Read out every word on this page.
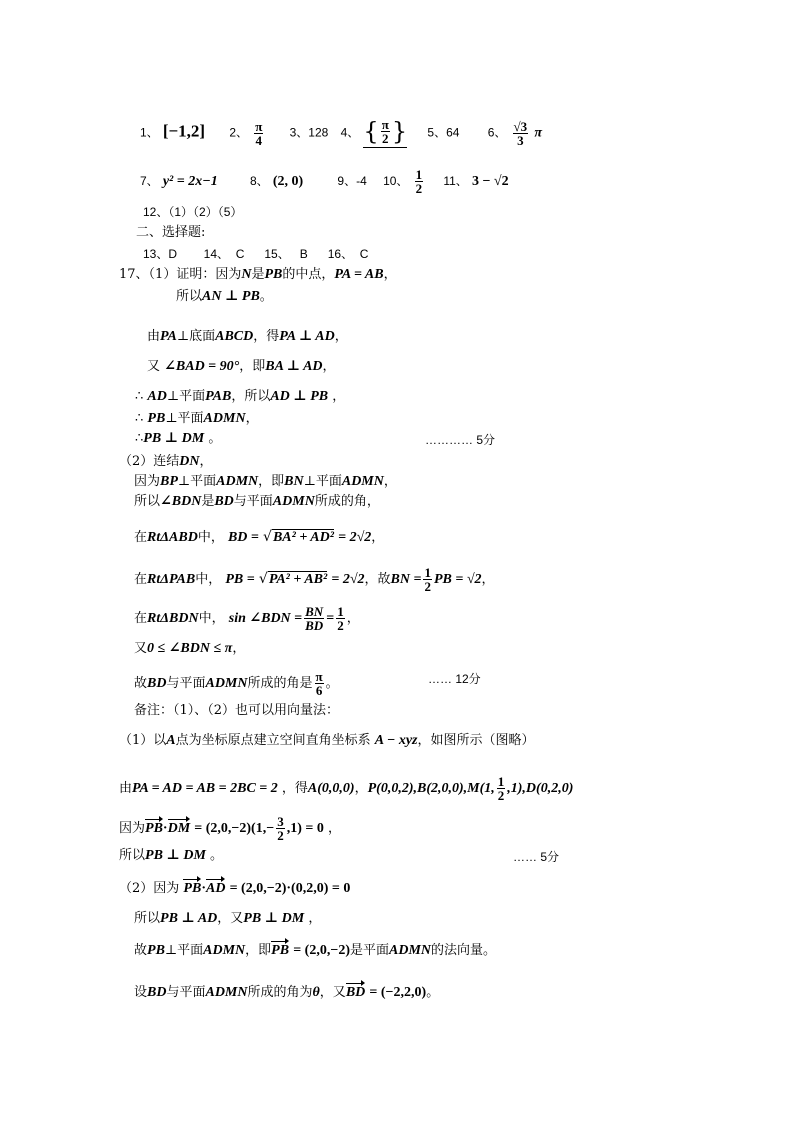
1、 [−1,2] 2、 $\frac{\pi}{4} 3$、128 4、 { $\frac{\pi}{2}$ } 5、64 6、 $\frac{√3}{3}$ π
7、 y² = 2x−1	8、 (2, 0)	9、-4 10、 $\frac{1}{2} 11$、 3 − √2
12、（1）（2）（5）
二、选择题:
13、D        14、  C      15、   B      16、  C
17、（1）证明：因为N是PB的中点，PA = AB，
所以AN ⊥ PB。
由PA⊥底面ABCD，得PA ⊥ AD，
又 ∠BAD = 90°，即BA ⊥ AD，
∴ AD⊥平面PAB，所以AD ⊥ PB ，
∴ PB⊥平面ADMN，
∴PB ⊥ DM 。	………… 5分
（2）连结DN，
因为BP⊥平面ADMN，即BN⊥平面ADMN，
所以∠BDN是BD与平面ADMN所成的角，
在RtΔABD中， BD = √BA² + AD² = 2√2，
在RtΔPAB中， PB = √PA² + AB² = 2√2，故BN = $\frac{1}{2}$ PB = √2，
在RtΔBDN中， sin ∠BDN = $\frac{BN}{BD} = \frac{1}{2}$ ，
又0 ≤ ∠BDN ≤ π，
故BD与平面ADMN所成的角是 $\frac{\pi}{6}$ 。	…… 12分
备注：（1）、（2）也可以用向量法：
（1）以A点为坐标原点建立空间直角坐标系 A − xyz，如图所示（图略）
由PA = AD = AB = 2BC = 2 ，得A(0,0,0)，P(0,0,2),B(2,0,0),M(1, $\frac{1}{2} ,1),D(0,2,0)$
因为$PB\cdot DM = (2,0,-2)(1,- \frac{3}{2} ,1) = 0$ ，
所以PB ⊥ DM 。	…… 5分
（2）因为 PB·AD = (2,0,−2)·(0,2,0) = 0
所以PB ⊥ AD，又PB ⊥ DM ，
故PB⊥平面ADMN，即PB = (2,0,−2)是平面ADMN的法向量。
设BD与平面ADMN所成的角为θ，又BD = (−2,2,0)。
